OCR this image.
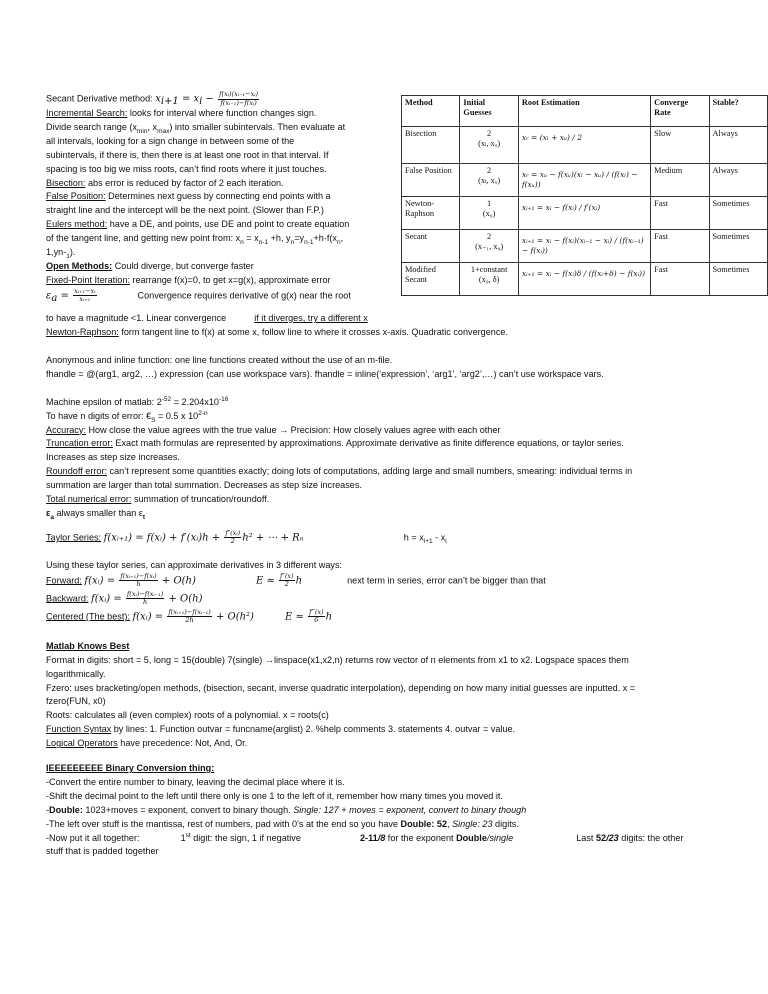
Secant Derivative method: $x_{i+1} = x_i - \frac{\text{f(xᵢ)(xᵢ₋₁−xᵢ)}}{\text{f(xᵢ₋₁)−f(xᵢ)}}$
Incremental Search: looks for interval where function changes sign.
Divide search range ($x_{min}$, $x_{max}$) into smaller subintervals. Then evaluate at
all intervals, looking for a sign change in between some of the
subintervals, if there is, then there is at least one root in that interval. If
spacing is too big we miss roots, can’t find roots where it just touches.
Bisection: abs error is reduced by factor of 2 each iteration.
False Position: Determines next guess by connecting end points with a
straight line and the intercept will be the next point. (Slower than F.P.)
Eulers method: have a DE, and points, use DE and point to create equation
of the tangent line, and getting new point from: $x_n = x_{n-1} +h$, $y_n=y_{n-1}+h\cdot f(x_n$,
$1,yn-_1$).
Open Methods: Could diverge, but converge faster
Fixed-Point Iteration: rearrange f(x)=0, to get x=g(x), approximate error
$\varepsilon_a = \frac{\text{xᵢ₊₁−xᵢ}}{\text{xᵢ₊₁}}$	Convergence requires derivative of g(x) near the root
Method	Initial Guesses	Root Estimation	Converge Rate	Stable?
Bisection	2
(xₗ, xᵤ)	xᵣ = (xₗ + xᵤ) / 2	Slow	Always
False Position	2
(xₗ, xᵤ)	xᵣ = xᵤ − f(xᵤ)(xₗ − xᵤ) / (f(xₗ) − f(xᵤ))	Medium	Always
Newton-Raphson	1
(x₀)	xᵢ₊₁ = xᵢ − f(xᵢ) / f′(xᵢ)	Fast	Sometimes
Secant	2
(x₋₁, x₀)	xᵢ₊₁ = xᵢ − f(xᵢ)(xᵢ₋₁ − xᵢ) / (f(xᵢ₋₁) − f(xᵢ))	Fast	Sometimes
Modified Secant	1+constant
(x₀, δ)	xᵢ₊₁ = xᵢ − f(xᵢ)δ / (f(xᵢ+δ) − f(xᵢ))	Fast	Sometimes
to have a magnitude <1. Linear convergence	if it diverges, try a different x
Newton-Raphson: form tangent line to f(x) at some x, follow line to where it crosses x-axis. Quadratic convergence.
Anonymous and inline function: one line functions created without the use of an m-file.
fhandle = @(arg1, arg2, …) expression (can use workspace vars). fhandle = inline(‘expression’, ‘arg1’, ‘arg2’,…) can’t use workspace vars.
Machine epsilon of matlab: $2^{-52} = 2.204x10^{-16}$
To have n digits of error: $€_S = 0.5$ x 10$^{2-n}$
Accuracy: How close the value agrees with the true value → Precision: How closely values agree with each other
Truncation error: Exact math formulas are represented by approximations. Approximate derivative as finite difference equations, or taylor series.
Increases as step size increases.
Roundoff error: can’t represent some quantities exactly; doing lots of computations, adding large and small numbers, smearing: individual terms in
summation are larger than total summation. Decreases as step size increases.
Total numerical error: summation of truncation/roundoff.
$\varepsilon_a$ always smaller than $\varepsilon_t$
Taylor Series: f(xᵢ₊₁) = f(xᵢ) + f′(xᵢ)h + $\frac{\text{f″(xᵢ)}}{2} h^2$ + ⋯ + Rₙ	$h = x_{i+1} - x_i$
Using these taylor series, can approximate derivatives in 3 different ways:
Forward: f(xᵢ) = $\frac{\text{f(xᵢ₊₁)−f(xᵢ)}}{h} + O(h)$	$E \approx \frac{f''(x)}{2}$ h	next term in series, error can’t be bigger than that
Backward: f(xᵢ) = $\frac{\text{f(xᵢ)−f(xᵢ₋₁)}}{h} + O(h)$
Centered (The best): f(xᵢ) = $\frac{\text{f(xᵢ₊₁)−f(xᵢ₋₁)}}{2h} + O(h^2)$	$E \approx \frac{f‴(x)}{6}$ h
Matlab Knows Best
Format in digits: short = 5, long = 15(double) 7(single) →linspace(x1,x2,n) returns row vector of n elements from x1 to x2. Logspace spaces them
logarithmically.
Fzero: uses bracketing/open methods, (bisection, secant, inverse quadratic interpolation), depending on how many initial guesses are inputted. x =
fzero(FUN, x0)
Roots: calculates all (even complex) roots of a polynomial. x = roots(c)
Function Syntax by lines: 1. Function outvar = funcname(arglist) 2. %help comments 3. statements 4. outvar = value.
Logical Operators have precedence: Not, And, Or.
IEEEEEEEEE Binary Conversion thing:
-Convert the entire number to binary, leaving the decimal place where it is.
-Shift the decimal point to the left until there only is one 1 to the left of it, remember how many times you moved it.
-Double: 1023+moves = exponent, convert to binary though. Single: 127 + moves = exponent, convert to binary though
-The left over stuff is the mantissa, rest of numbers, pad with 0’s at the end so you have Double: 52, Single: 23 digits.
-Now put it all together:	1st digit: the sign, 1 if negative	2-11/8 for the exponent Double/single	Last 52/23 digits: the other
stuff that is padded together
